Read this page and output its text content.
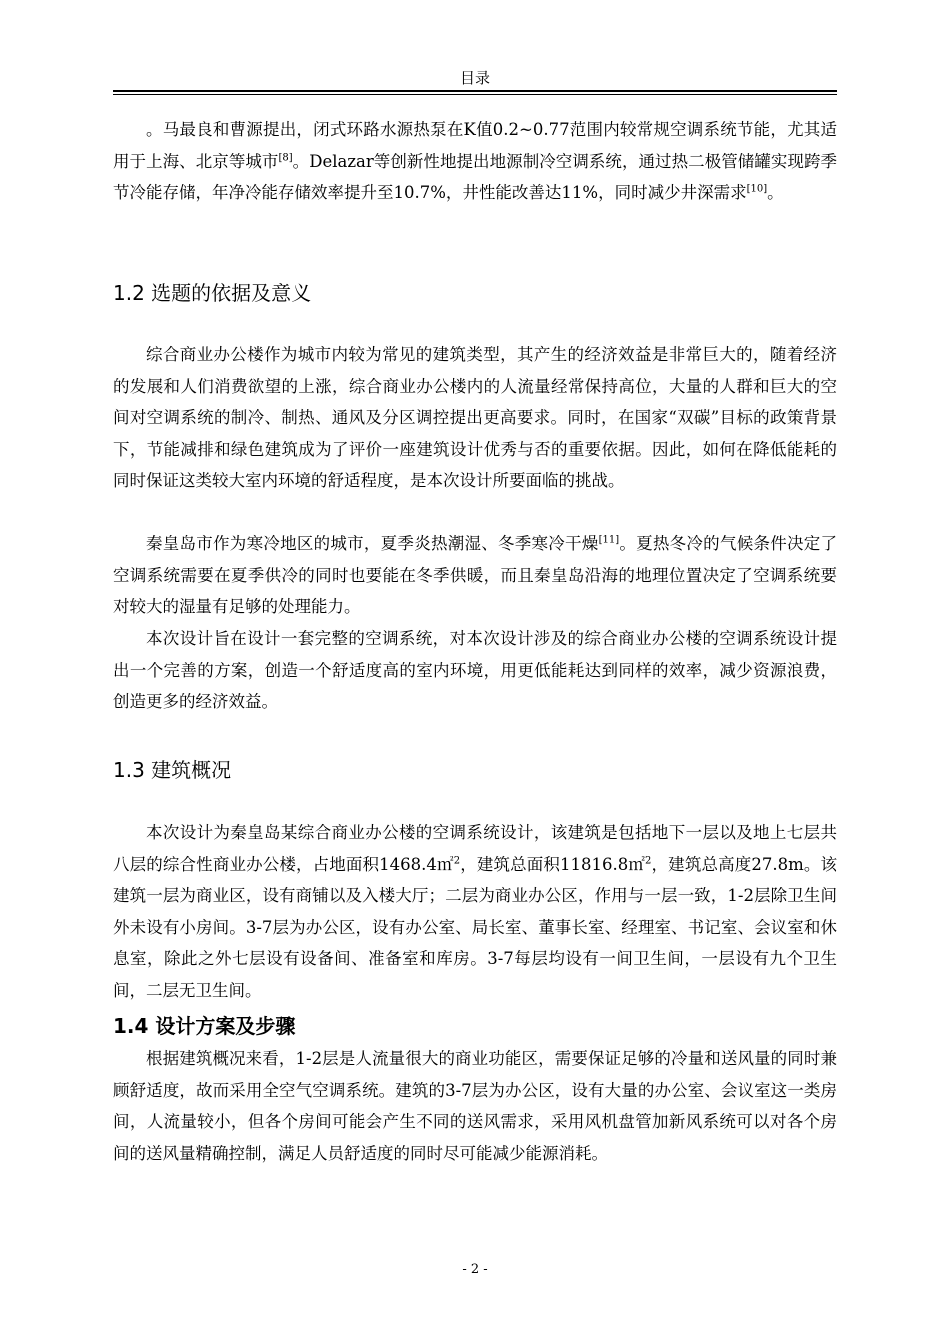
目录

。马最良和曹源提出，闭式环路水源热泵在K值0.2~0.77范围内较常规空调系统节能，尤其适用于上海、北京等城市[8]。Delazar等创新性地提出地源制冷空调系统，通过热二极管储罐实现跨季节冷能存储，年净冷能存储效率提升至10.7%，井性能改善达11%，同时减少井深需求[10]。

1.2 选题的依据及意义

综合商业办公楼作为城市内较为常见的建筑类型，其产生的经济效益是非常巨大的，随着经济的发展和人们消费欲望的上涨，综合商业办公楼内的人流量经常保持高位，大量的人群和巨大的空间对空调系统的制冷、制热、通风及分区调控提出更高要求。同时，在国家“双碳”目标的政策背景下，节能减排和绿色建筑成为了评价一座建筑设计优秀与否的重要依据。因此，如何在降低能耗的同时保证这类较大室内环境的舒适程度，是本次设计所要面临的挑战。

秦皇岛市作为寒冷地区的城市，夏季炎热潮湿、冬季寒冷干燥[11]。夏热冬冷的气候条件决定了空调系统需要在夏季供冷的同时也要能在冬季供暖，而且秦皇岛沿海的地理位置决定了空调系统要对较大的湿量有足够的处理能力。

本次设计旨在设计一套完整的空调系统，对本次设计涉及的综合商业办公楼的空调系统设计提出一个完善的方案，创造一个舒适度高的室内环境，用更低能耗达到同样的效率，减少资源浪费，创造更多的经济效益。

1.3 建筑概况

本次设计为秦皇岛某综合商业办公楼的空调系统设计，该建筑是包括地下一层以及地上七层共八层的综合性商业办公楼，占地面积1468.4㎡$^2$，建筑总面积11816.8㎡$^2$，建筑总高度27.8m。该建筑一层为商业区，设有商铺以及入楼大厅；二层为商业办公区，作用与一层一致，1-2层除卫生间外未设有小房间。3-7层为办公区，设有办公室、局长室、董事长室、经理室、书记室、会议室和休息室，除此之外七层设有设备间、准备室和库房。3-7每层均设有一间卫生间，一层设有九个卫生间，二层无卫生间。

1.4 设计方案及步骤

根据建筑概况来看，1-2层是人流量很大的商业功能区，需要保证足够的冷量和送风量的同时兼顾舒适度，故而采用全空气空调系统。建筑的3-7层为办公区，设有大量的办公室、会议室这一类房间，人流量较小，但各个房间可能会产生不同的送风需求，采用风机盘管加新风系统可以对各个房间的送风量精确控制，满足人员舒适度的同时尽可能减少能源消耗。

- 2 -
